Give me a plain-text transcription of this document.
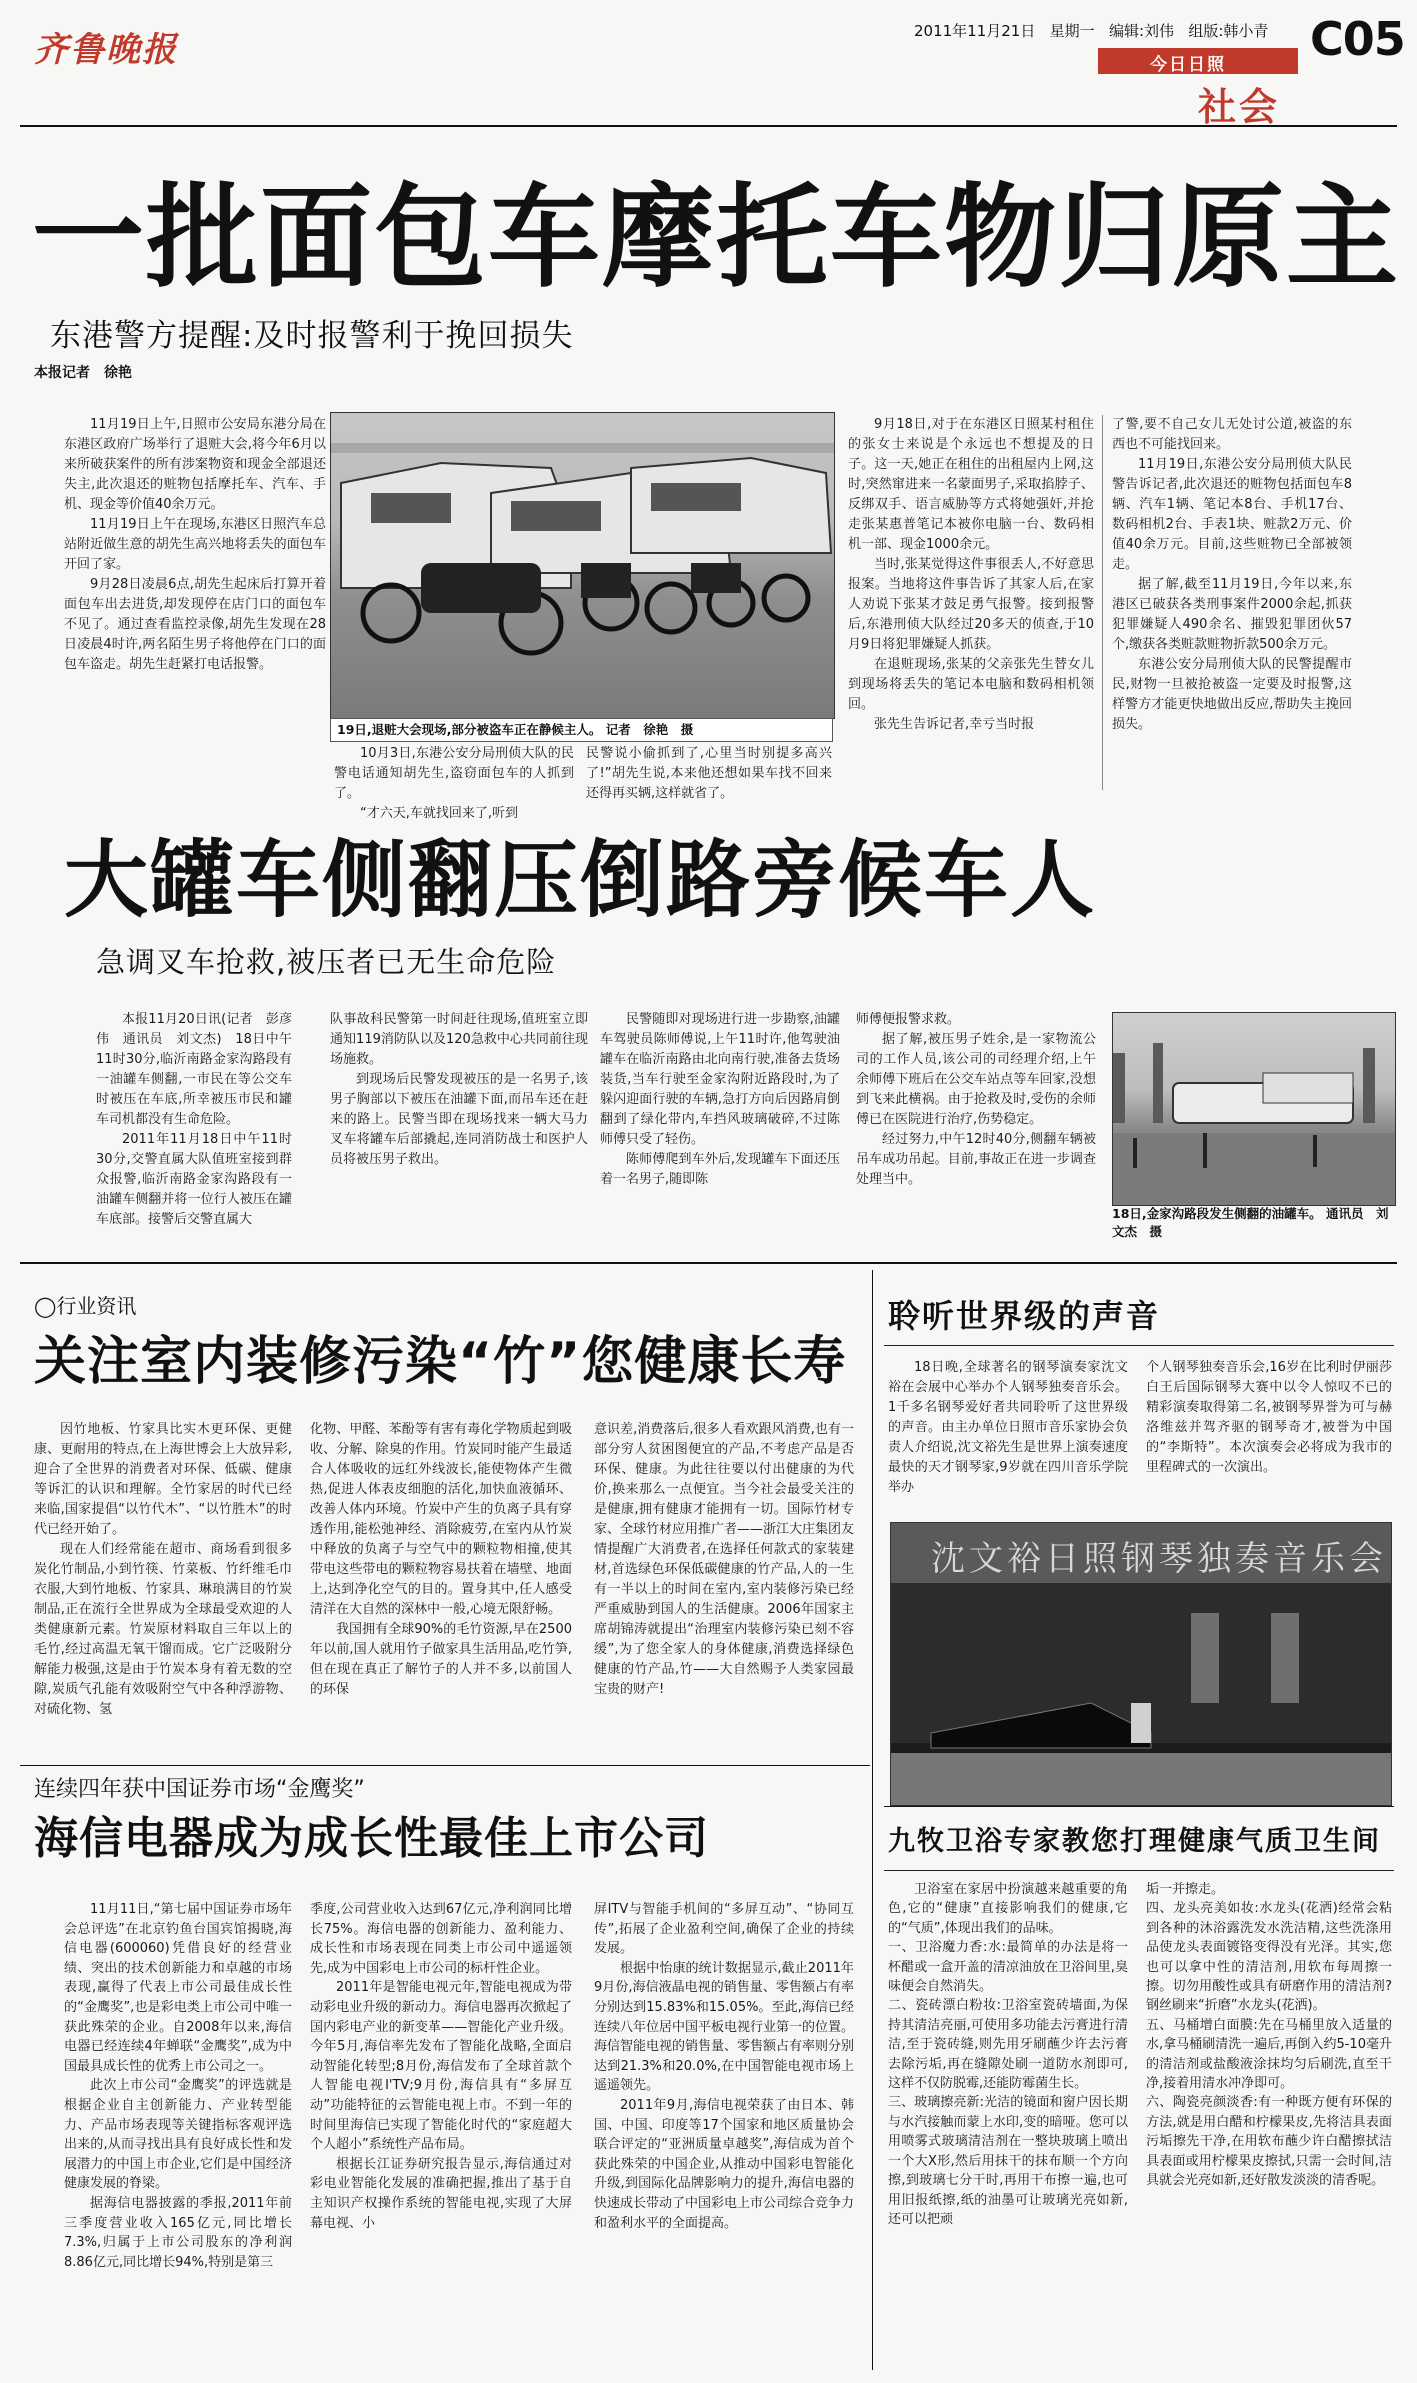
齐鲁晚报	2011年11月21日 星期一 编辑:刘伟 组版:韩小青 C05
今日日照
社会
一批面包车摩托车物归原主
东港警方提醒:及时报警利于挽回损失
本报记者　徐艳

11月19日上午,日照市公安局东港分局在东港区政府广场举行了退赃大会,将今年6月以来所破获案件的所有涉案物资和现金全部退还失主,此次退还的赃物包括摩托车、汽车、手机、现金等价值40余万元。

11月19日上午在现场,东港区日照汽车总站附近做生意的胡先生高兴地将丢失的面包车开回了家。

9月28日凌晨6点,胡先生起床后打算开着面包车出去进货,却发现停在店门口的面包车不见了。通过查看监控录像,胡先生发现在28日凌晨4时许,两名陌生男子将他停在门口的面包车盗走。胡先生赶紧打电话报警。

19日,退赃大会现场,部分被盗车正在静候主人。 记者　徐艳　摄

10月3日,东港公安分局刑侦大队的民警电话通知胡先生,盗窃面包车的人抓到了。

“才六天,车就找回来了,听到

民警说小偷抓到了,心里当时别提多高兴了!”胡先生说,本来他还想如果车找不回来还得再买辆,这样就省了。

9月18日,对于在东港区日照某村租住的张女士来说是个永远也不想提及的日子。这一天,她正在租住的出租屋内上网,这时,突然窜进来一名蒙面男子,采取掐脖子、反绑双手、语言威胁等方式将她强奸,并抢走张某惠普笔记本被你电脑一台、数码相机一部、现金1000余元。

当时,张某觉得这件事很丢人,不好意思报案。当地将这件事告诉了其家人后,在家人劝说下张某才鼓足勇气报警。接到报警后,东港刑侦大队经过20多天的侦查,于10月9日将犯罪嫌疑人抓获。

在退赃现场,张某的父亲张先生替女儿到现场将丢失的笔记本电脑和数码相机领回。

张先生告诉记者,幸亏当时报

了警,要不自己女儿无处讨公道,被盗的东西也不可能找回来。

11月19日,东港公安分局刑侦大队民警告诉记者,此次退还的赃物包括面包车8辆、汽车1辆、笔记本8台、手机17台、数码相机2台、手表1块、赃款2万元、价值40余万元。目前,这些赃物已全部被领走。

据了解,截至11月19日,今年以来,东港区已破获各类刑事案件2000余起,抓获犯罪嫌疑人490余名、摧毁犯罪团伙57个,缴获各类赃款赃物折款500余万元。

东港公安分局刑侦大队的民警提醒市民,财物一旦被抢被盗一定要及时报警,这样警方才能更快地做出反应,帮助失主挽回损失。

大罐车侧翻压倒路旁候车人
急调叉车抢救,被压者已无生命危险

本报11月20日讯(记者　彭彦伟　通讯员　刘文杰)　18日中午11时30分,临沂南路金家沟路段有一油罐车侧翻,一市民在等公交车时被压在车底,所幸被压市民和罐车司机都没有生命危险。

2011年11月18日中午11时30分,交警直属大队值班室接到群众报警,临沂南路金家沟路段有一油罐车侧翻并将一位行人被压在罐车底部。接警后交警直属大

队事故科民警第一时间赶往现场,值班室立即通知119消防队以及120急救中心共同前往现场施救。

到现场后民警发现被压的是一名男子,该男子胸部以下被压在油罐下面,而吊车还在赶来的路上。民警当即在现场找来一辆大马力叉车将罐车后部撬起,连同消防战士和医护人员将被压男子救出。

民警随即对现场进行进一步勘察,油罐车驾驶员陈师傅说,上午11时许,他驾驶油罐车在临沂南路由北向南行驶,准备去货场装货,当车行驶至金家沟附近路段时,为了躲闪迎面行驶的车辆,急打方向后因路肩倒翻到了绿化带内,车挡风玻璃破碎,不过陈师傅只受了轻伤。

陈师傅爬到车外后,发现罐车下面还压着一名男子,随即陈

师傅便报警求救。

据了解,被压男子姓余,是一家物流公司的工作人员,该公司的司经理介绍,上午余师傅下班后在公交车站点等车回家,没想到飞来此横祸。由于抢救及时,受伤的余师傅已在医院进行治疗,伤势稳定。

经过努力,中午12时40分,侧翻车辆被吊车成功吊起。目前,事故正在进一步调查处理当中。

18日,金家沟路段发生侧翻的油罐车。 通讯员　刘文杰　摄
◯行业资讯
关注室内装修污染“竹”您健康长寿

因竹地板、竹家具比实木更环保、更健康、更耐用的特点,在上海世博会上大放异彩,迎合了全世界的消费者对环保、低碳、健康等诉汇的认识和理解。全竹家居的时代已经来临,国家提倡“以竹代木”、“以竹胜木”的时代已经开始了。

现在人们经常能在超市、商场看到很多炭化竹制品,小到竹筷、竹菜板、竹纤维毛巾衣服,大到竹地板、竹家具、琳琅满目的竹炭制品,正在流行全世界成为全球最受欢迎的人类健康新元素。竹炭原材料取自三年以上的毛竹,经过高温无氧干馏而成。它广泛吸附分解能力极强,这是由于竹炭本身有着无数的空隙,炭质气孔能有效吸附空气中各种浮游物、对硫化物、氢

化物、甲醛、苯酚等有害有毒化学物质起到吸收、分解、除臭的作用。竹炭同时能产生最适合人体吸收的远红外线波长,能使物体产生微热,促进人体表皮细胞的活化,加快血液循环、改善人体内环境。竹炭中产生的负离子具有穿透作用,能松弛神经、消除疲劳,在室内从竹炭中释放的负离子与空气中的颗粒物相撞,使其带电这些带电的颗粒物容易扶着在墙壁、地面上,达到净化空气的目的。置身其中,任人感受清洋在大自然的深林中一般,心境无限舒畅。

我国拥有全球90%的毛竹资源,早在2500年以前,国人就用竹子做家具生活用品,吃竹笋,但在现在真正了解竹子的人并不多,以前国人的环保

意识差,消费落后,很多人看欢跟风消费,也有一部分穷人贫困图便宜的产品,不考虑产品是否环保、健康。为此往往要以付出健康的为代价,换来那么一点便宜。当今社会最受关注的是健康,拥有健康才能拥有一切。国际竹材专家、全球竹材应用推广者——浙江大庄集团友情提醒广大消费者,在选择任何款式的家装建材,首选绿色环保低碳健康的竹产品,人的一生有一半以上的时间在室内,室内装修污染已经严重威胁到国人的生活健康。2006年国家主席胡锦涛就提出“治理室内装修污染已刻不容缓”,为了您全家人的身体健康,消费选择绿色健康的竹产品,竹——大自然赐予人类家园最宝贵的财产!

连续四年获中国证券市场“金鹰奖”
海信电器成为成长性最佳上市公司

11月11日,“第七届中国证券市场年会总评选”在北京钓鱼台国宾馆揭晓,海信电器(600060)凭借良好的经营业绩、突出的技术创新能力和卓越的市场表现,赢得了代表上市公司最佳成长性的“金鹰奖”,也是彩电类上市公司中唯一获此殊荣的企业。自2008年以来,海信电器已经连续4年蝉联“金鹰奖”,成为中国最具成长性的优秀上市公司之一。

此次上市公司“金鹰奖”的评选就是根据企业自主创新能力、产业转型能力、产品市场表现等关键指标客观评选出来的,从而寻找出具有良好成长性和发展潜力的中国上市企业,它们是中国经济健康发展的脊梁。

据海信电器披露的季报,2011年前三季度营业收入165亿元,同比增长7.3%,归属于上市公司股东的净利润8.86亿元,同比增长94%,特别是第三

季度,公司营业收入达到67亿元,净利润同比增长75%。海信电器的创新能力、盈利能力、成长性和市场表现在同类上市公司中遥遥领先,成为中国彩电上市公司的标杆性企业。

2011年是智能电视元年,智能电视成为带动彩电业升级的新动力。海信电器再次掀起了国内彩电产业的新变革——智能化产业升级。今年5月,海信率先发布了智能化战略,全面启动智能化转型;8月份,海信发布了全球首款个人智能电视I'TV;9月份,海信具有“多屏互动”功能特征的云智能电视上市。不到一年的时间里海信已实现了智能化时代的“家庭超大个人超小”系统性产品布局。

根据长江证券研究报告显示,海信通过对彩电业智能化发展的准确把握,推出了基于自主知识产权操作系统的智能电视,实现了大屏幕电视、小

屏ITV与智能手机间的“多屏互动”、“协同互传”,拓展了企业盈利空间,确保了企业的持续发展。

根据中怡康的统计数据显示,截止2011年9月份,海信液晶电视的销售量、零售额占有率分别达到15.83%和15.05%。至此,海信已经连续八年位居中国平板电视行业第一的位置。海信智能电视的销售量、零售额占有率则分别达到21.3%和20.0%,在中国智能电视市场上遥遥领先。

2011年9月,海信电视荣获了由日本、韩国、中国、印度等17个国家和地区质量协会联合评定的“亚洲质量卓越奖”,海信成为首个获此殊荣的中国企业,从推动中国彩电智能化升级,到国际化品牌影响力的提升,海信电器的快速成长带动了中国彩电上市公司综合竞争力和盈利水平的全面提高。

聆听世界级的声音

18日晚,全球著名的钢琴演奏家沈文裕在会展中心举办个人钢琴独奏音乐会。1千多名钢琴爱好者共同聆听了这世界级的声音。由主办单位日照市音乐家协会负责人介绍说,沈文裕先生是世界上演奏速度最快的天才钢琴家,9岁就在四川音乐学院举办

个人钢琴独奏音乐会,16岁在比利时伊丽莎白王后国际钢琴大赛中以令人惊叹不已的精彩演奏取得第二名,被钢琴界誉为可与赫洛维兹并驾齐驱的钢琴奇才,被誉为中国的“李斯特”。本次演奏会必将成为我市的里程碑式的一次演出。

沈文裕日照钢琴独奏音乐会
九牧卫浴专家教您打理健康气质卫生间

卫浴室在家居中扮演越来越重要的角色,它的“健康”直接影响我们的健康,它的“气质”,体现出我们的品味。

一、卫浴魔力香:水:最简单的办法是将一杯醋或一盒开盖的清凉油放在卫浴间里,臭味便会自然消失。

二、瓷砖漂白粉妆:卫浴室瓷砖墙面,为保持其清洁亮丽,可使用多功能去污膏进行清洁,至于瓷砖缝,则先用牙刷蘸少许去污膏去除污垢,再在缝隙处刷一道防水剂即可,这样不仅防脱霉,还能防霉菌生长。

三、玻璃擦亮新:光洁的镜面和窗户因长期与水汽接触而蒙上水印,变的暗哑。您可以用喷雾式玻璃清洁剂在一整块玻璃上喷出一个大X形,然后用抹干的抹布顺一个方向擦,到玻璃七分干时,再用干布擦一遍,也可用旧报纸擦,纸的油墨可让玻璃光亮如新,还可以把顽

垢一并擦走。

四、龙头亮美如妆:水龙头(花洒)经常会粘到各种的沐浴露洗发水洗洁精,这些洗涤用品使龙头表面镀铬变得没有光泽。其实,您也可以拿中性的清洁剂,用软布每周擦一擦。切勿用酸性或具有研磨作用的清洁剂?钢丝刷来“折磨”水龙头(花洒)。

五、马桶增白面膜:先在马桶里放入适量的水,拿马桶刷清洗一遍后,再倒入约5-10毫升的清洁剂或盐酸液涂抹均匀后刷洗,直至干净,接着用清水冲净即可。

六、陶瓷亮颜淡香:有一种既方便有环保的方法,就是用白醋和柠檬果皮,先将洁具表面污垢擦先干净,在用软布蘸少许白醋擦拭洁具表面或用柠檬果皮擦拭,只需一会时间,洁具就会光亮如新,还好散发淡淡的清香呢。
